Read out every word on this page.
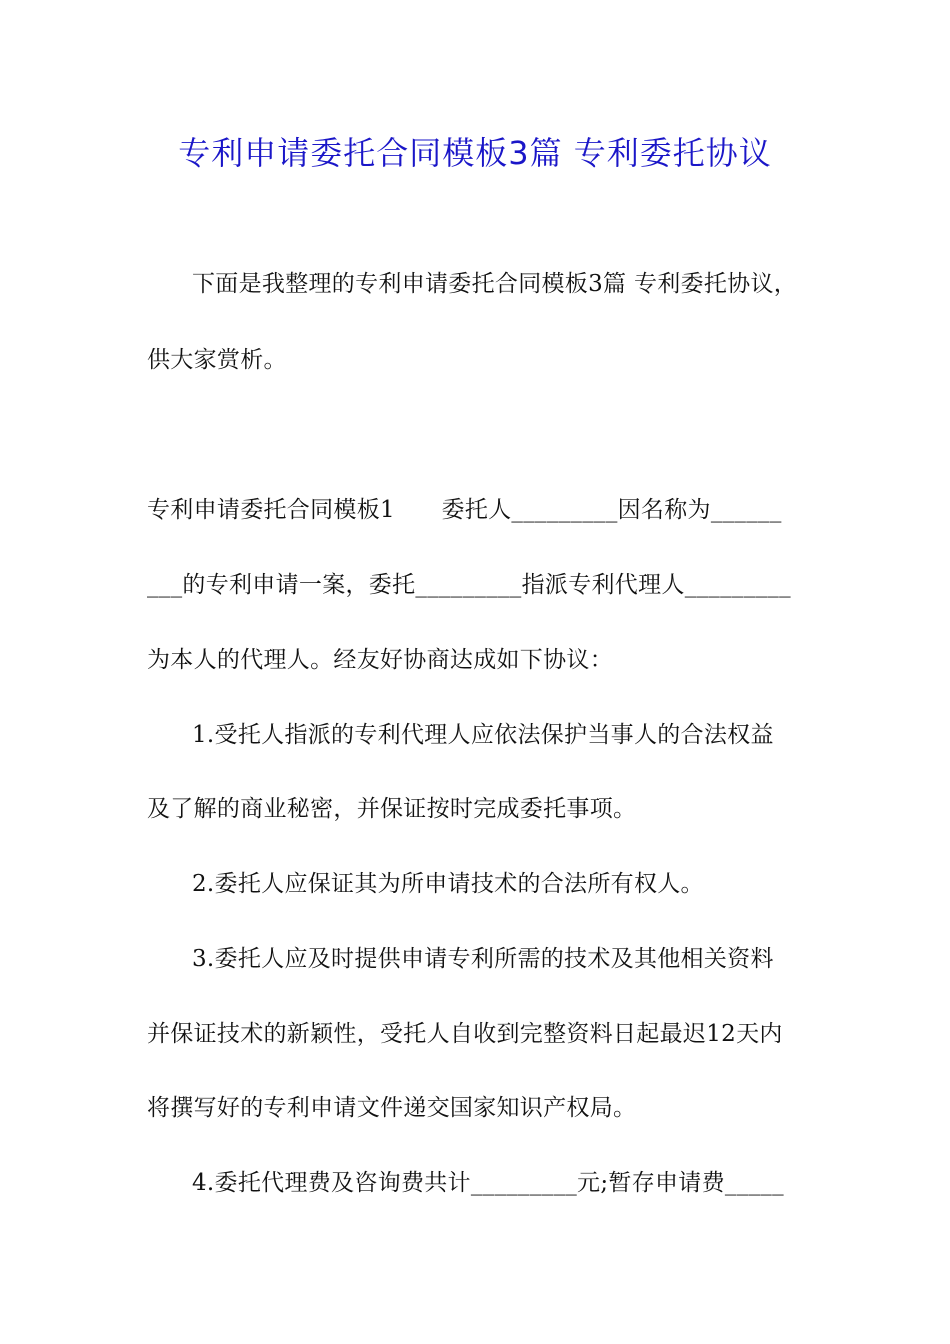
专利申请委托合同模板3篇 专利委托协议
下面是我整理的专利申请委托合同模板3篇 专利委托协议，
供大家赏析。
专利申请委托合同模板1　　委托人_________因名称为______
___的专利申请一案，委托_________指派专利代理人_________
为本人的代理人。经友好协商达成如下协议：
1.受托人指派的专利代理人应依法保护当事人的合法权益
及了解的商业秘密，并保证按时完成委托事项。
2.委托人应保证其为所申请技术的合法所有权人。
3.委托人应及时提供申请专利所需的技术及其他相关资料
并保证技术的新颖性，受托人自收到完整资料日起最迟12天内
将撰写好的专利申请文件递交国家知识产权局。
4.委托代理费及咨询费共计_________元;暂存申请费_____
